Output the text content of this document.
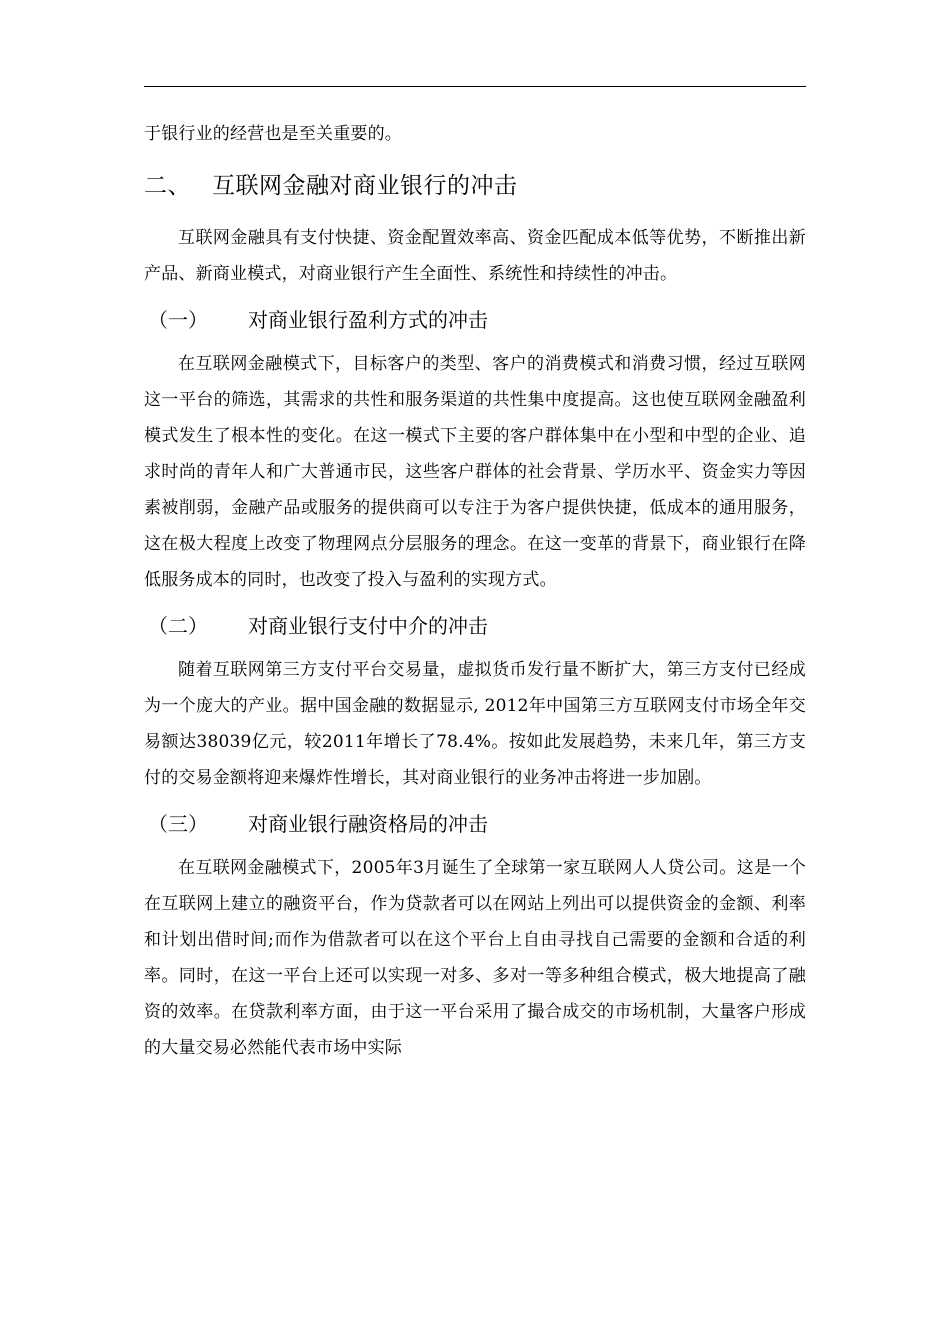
于银行业的经营也是至关重要的。

二、 互联网金融对商业银行的冲击

互联网金融具有支付快捷、资金配置效率高、资金匹配成本低等优势，不断推出新产品、新商业模式，对商业银行产生全面性、系统性和持续性的冲击。

（一） 对商业银行盈利方式的冲击

在互联网金融模式下，目标客户的类型、客户的消费模式和消费习惯，经过互联网这一平台的筛选，其需求的共性和服务渠道的共性集中度提高。这也使互联网金融盈利模式发生了根本性的变化。在这一模式下主要的客户群体集中在小型和中型的企业、追求时尚的青年人和广大普通市民，这些客户群体的社会背景、学历水平、资金实力等因素被削弱，金融产品或服务的提供商可以专注于为客户提供快捷，低成本的通用服务，这在极大程度上改变了物理网点分层服务的理念。在这一变革的背景下，商业银行在降低服务成本的同时，也改变了投入与盈利的实现方式。

（二） 对商业银行支付中介的冲击

随着互联网第三方支付平台交易量，虚拟货币发行量不断扩大，第三方支付已经成为一个庞大的产业。据中国金融的数据显示, 2012年中国第三方互联网支付市场全年交易额达38039亿元，较2011年增长了78.4%。按如此发展趋势，未来几年，第三方支付的交易金额将迎来爆炸性增长，其对商业银行的业务冲击将进一步加剧。

（三） 对商业银行融资格局的冲击

在互联网金融模式下，2005年3月诞生了全球第一家互联网人人贷公司。这是一个在互联网上建立的融资平台，作为贷款者可以在网站上列出可以提供资金的金额、利率和计划出借时间;而作为借款者可以在这个平台上自由寻找自己需要的金额和合适的利率。同时，在这一平台上还可以实现一对多、多对一等多种组合模式，极大地提高了融资的效率。在贷款利率方面，由于这一平台采用了撮合成交的市场机制，大量客户形成的大量交易必然能代表市场中实际
